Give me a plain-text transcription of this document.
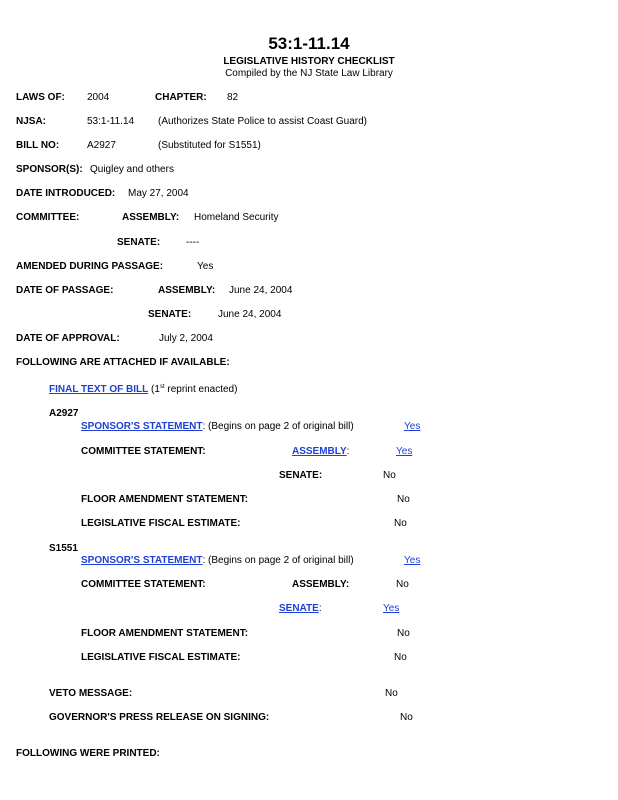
53:1-11.14
LEGISLATIVE HISTORY CHECKLIST
Compiled by the NJ State Law Library
LAWS OF: 2004	CHAPTER: 82
NJSA:	53:1-11.14 (Authorizes State Police to assist Coast Guard)
BILL NO:	A2927	(Substituted for S1551)
SPONSOR(S): Quigley and others
DATE INTRODUCED: May 27, 2004
COMMITTEE:	ASSEMBLY: Homeland Security
SENATE:	----
AMENDED DURING PASSAGE:	Yes
DATE OF PASSAGE:	ASSEMBLY: June 24, 2004
SENATE:	June 24, 2004
DATE OF APPROVAL:	July 2, 2004
FOLLOWING ARE ATTACHED IF AVAILABLE:
FINAL TEXT OF BILL (1st reprint enacted)
A2927
SPONSOR'S STATEMENT: (Begins on page 2 of original bill)	Yes
COMMITTEE STATEMENT:	ASSEMBLY:	Yes
SENATE:	No
FLOOR AMENDMENT STATEMENT:	No
LEGISLATIVE FISCAL ESTIMATE:	No
S1551
SPONSOR'S STATEMENT: (Begins on page 2 of original bill)	Yes
COMMITTEE STATEMENT:	ASSEMBLY:	No
SENATE:	Yes
FLOOR AMENDMENT STATEMENT:	No
LEGISLATIVE FISCAL ESTIMATE:	No
VETO MESSAGE:	No
GOVERNOR'S PRESS RELEASE ON SIGNING:	No
FOLLOWING WERE PRINTED:
